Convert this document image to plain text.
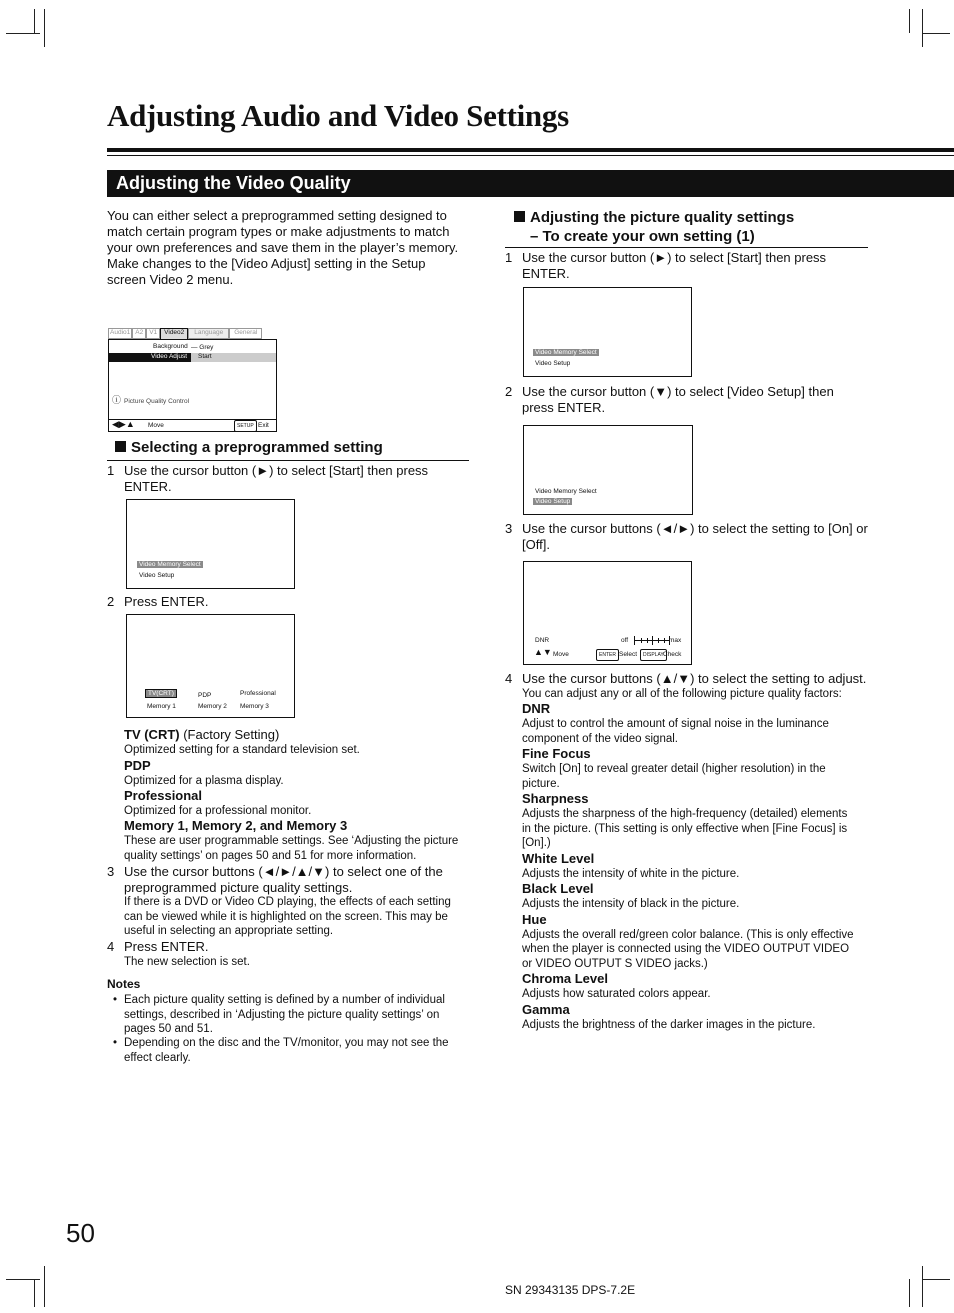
Adjusting Audio and Video Settings
Adjusting the Video Quality
You can either select a preprogrammed setting designed to
match certain program types or make adjustments to match
your own preferences and save them in the player’s memory.
Make changes to the [Video Adjust] setting in the Setup
screen Video 2 menu.
Audio1 A2 V1	Video2	Language	General
Background — Grey
Video Adjust Start
ⓘ Picture Quality Control
◀▶▲ Move	SETUP Exit
Selecting a preprogrammed setting
1 Use the cursor button (►) to select [Start] then press
ENTER.
Video Memory Select
Video Setup
2 Press ENTER.
TV(CRT)	PDP	Professional
Memory 1	Memory 2 Memory 3
TV (CRT) (Factory Setting)
Optimized setting for a standard television set.
PDP
Optimized for a plasma display.
Professional
Optimized for a professional monitor.
Memory 1, Memory 2, and Memory 3
These are user programmable settings. See ‘Adjusting the picture
quality settings’ on pages 50 and 51 for more information.
3 Use the cursor buttons (◄/►/▲/▼) to select one of the
preprogrammed picture quality settings.
If there is a DVD or Video CD playing, the effects of each setting
can be viewed while it is highlighted on the screen. This may be
useful in selecting an appropriate setting.
4 Press ENTER.
The new selection is set.
Notes
• Each picture quality setting is defined by a number of individual
settings, described in ‘Adjusting the picture quality settings’ on
pages 50 and 51.
• Depending on the disc and the TV/monitor, you may not see the
effect clearly.
Adjusting the picture quality settings
– To create your own setting (1)
1 Use the cursor button (►) to select [Start] then press
ENTER.
Video Memory Select
Video Setup
2 Use the cursor button (▼) to select [Video Setup] then
press ENTER.
Video Memory Select
Video Setup
3 Use the cursor buttons (◄/►) to select the setting to [On] or
[Off].
DNR	off	max
▲▼ Move	ENTER Select	DISPLAY Check
4 Use the cursor buttons (▲/▼) to select the setting to adjust.
You can adjust any or all of the following picture quality factors:
DNR
Adjust to control the amount of signal noise in the luminance
component of the video signal.
Fine Focus
Switch [On] to reveal greater detail (higher resolution) in the
picture.
Sharpness
Adjusts the sharpness of the high-frequency (detailed) elements
in the picture. (This setting is only effective when [Fine Focus] is
[On].)
White Level
Adjusts the intensity of white in the picture.
Black Level
Adjusts the intensity of black in the picture.
Hue
Adjusts the overall red/green color balance. (This is only effective
when the player is connected using the VIDEO OUTPUT VIDEO
or VIDEO OUTPUT S VIDEO jacks.)
Chroma Level
Adjusts how saturated colors appear.
Gamma
Adjusts the brightness of the darker images in the picture.
50
SN 29343135 DPS-7.2E
